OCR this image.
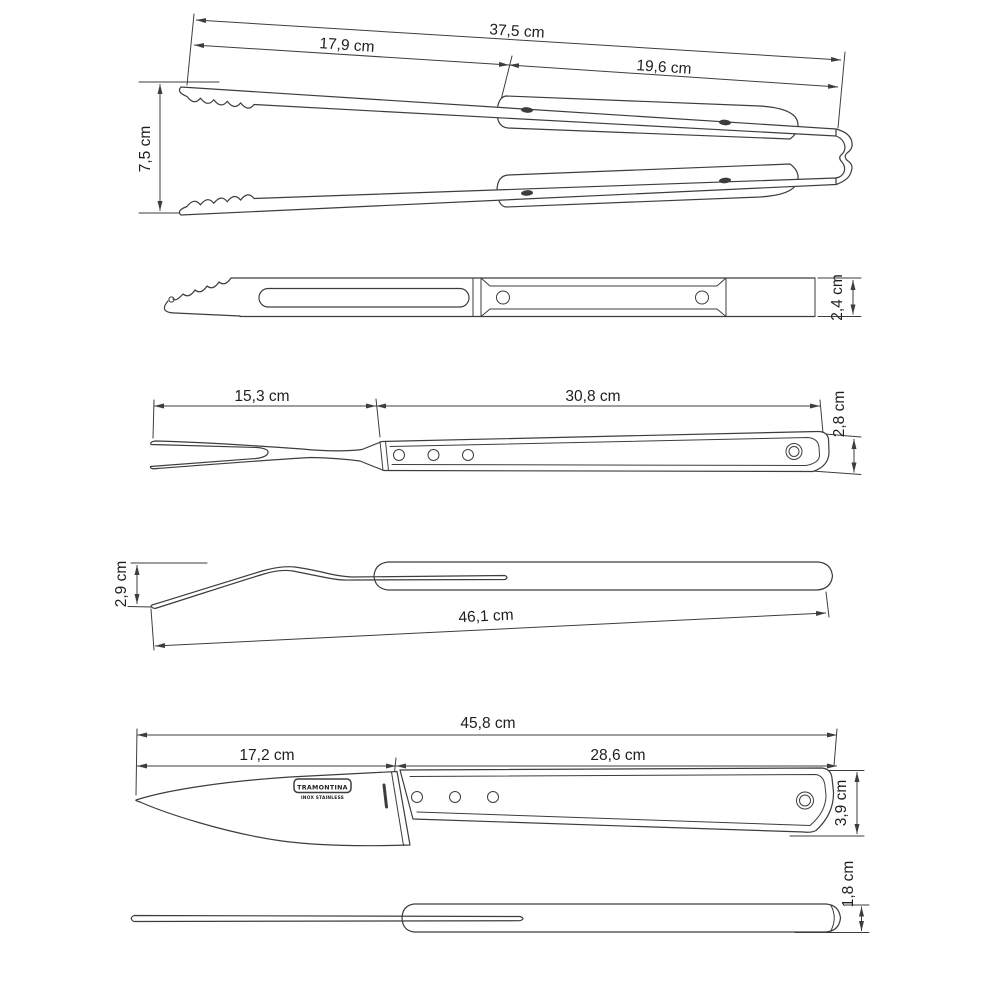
37,5 cm
17,9 cm
19,6 cm
7,5 cm
2,4 cm
15,3 cm	30,8 cm	2,8 cm
2,9 cm
46,1 cm
45,8 cm
17,2 cm	28,6 cm
TRAMONTINA
INOX STAINLESS	3,9 cm
1,8 cm
